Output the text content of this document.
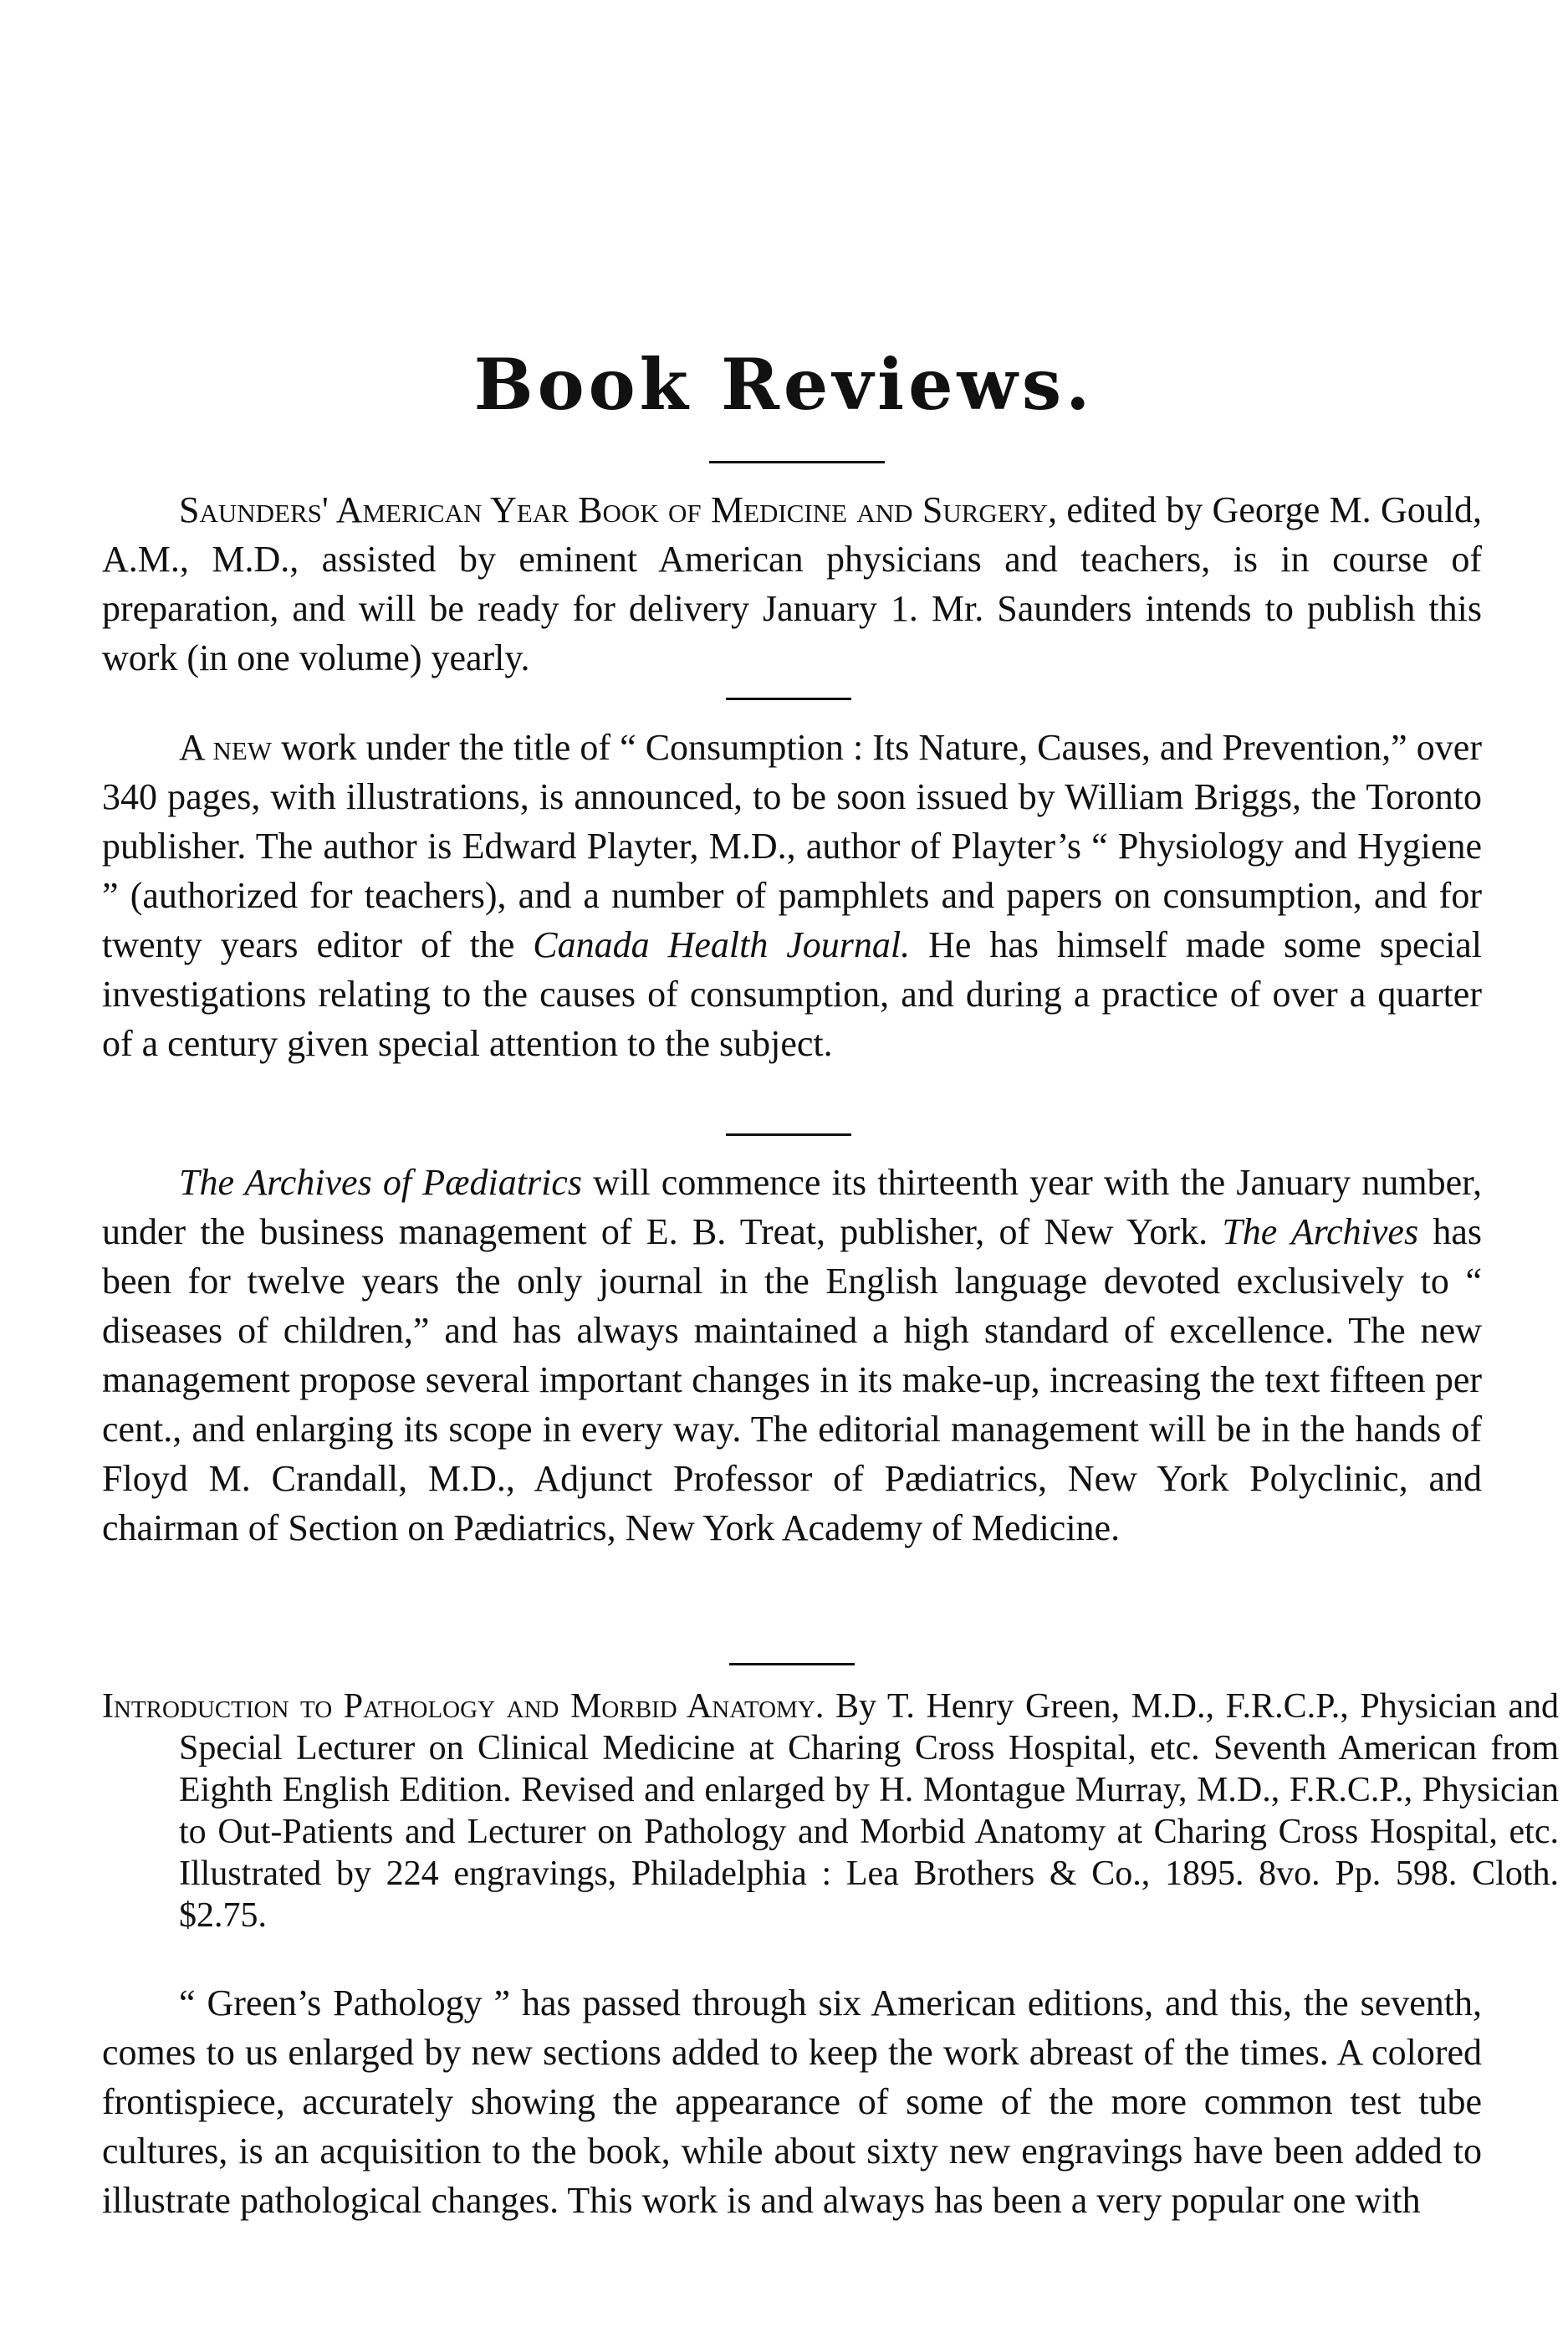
Book Reviews.

Saunders' American Year Book of Medicine and Surgery, edited by George M. Gould, A.M., M.D., assisted by eminent American physicians and teachers, is in course of preparation, and will be ready for delivery January 1. Mr. Saunders intends to publish this work (in one volume) yearly.

A new work under the title of “ Consumption : Its Nature, Causes, and Prevention,” over 340 pages, with illustrations, is announced, to be soon issued by William Briggs, the Toronto publisher. The author is Edward Playter, M.D., author of Playter’s “ Physiology and Hygiene ” (authorized for teachers), and a number of pamphlets and papers on consumption, and for twenty years editor of the Canada Health Journal. He has himself made some special investigations relating to the causes of consumption, and during a practice of over a quarter of a century given special attention to the subject.

The Archives of Pædiatrics will commence its thirteenth year with the January number, under the business management of E. B. Treat, publisher, of New York. The Archives has been for twelve years the only journal in the English language devoted exclusively to “ diseases of children,” and has always maintained a high standard of excellence. The new management propose several important changes in its make-up, increasing the text fifteen per cent., and enlarging its scope in every way. The editorial management will be in the hands of Floyd M. Crandall, M.D., Adjunct Professor of Pædiatrics, New York Polyclinic, and chairman of Section on Pædiatrics, New York Academy of Medicine.

Introduction to Pathology and Morbid Anatomy. By T. Henry Green, M.D., F.R.C.P., Physician and Special Lecturer on Clinical Medicine at Charing Cross Hospital, etc. Seventh American from Eighth English Edition. Revised and enlarged by H. Montague Murray, M.D., F.R.C.P., Physician to Out-Patients and Lecturer on Pathology and Morbid Anatomy at Charing Cross Hospital, etc. Illustrated by 224 engravings, Philadelphia : Lea Brothers & Co., 1895. 8vo. Pp. 598. Cloth. $2.75.

“ Green’s Pathology ” has passed through six American editions, and this, the seventh, comes to us enlarged by new sections added to keep the work abreast of the times. A colored frontispiece, accurately showing the appearance of some of the more common test tube cultures, is an acquisition to the book, while about sixty new engravings have been added to illustrate pathological changes. This work is and always has been a very popular one with
